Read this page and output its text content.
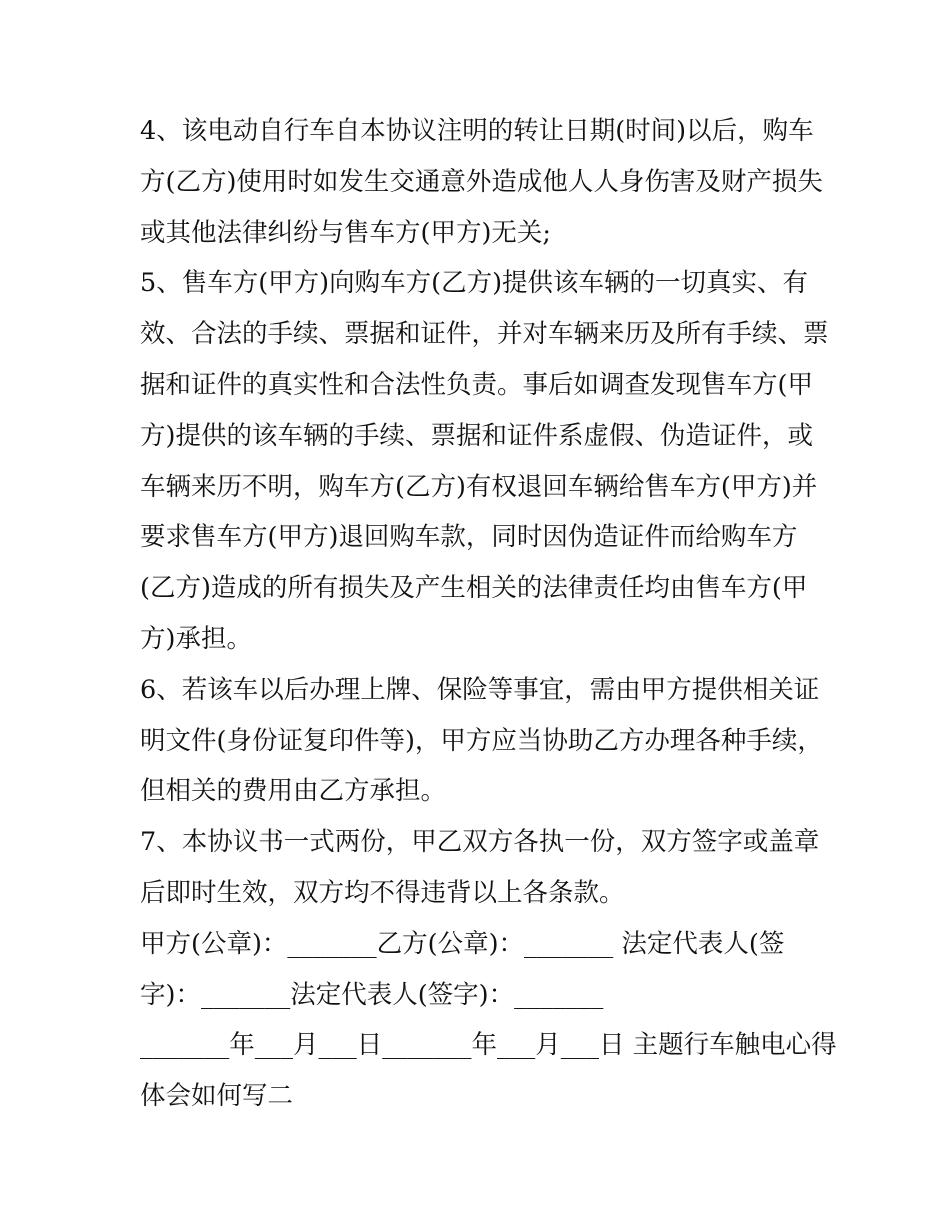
4、该电动自行车自本协议注明的转让日期(时间)以后，购车
方(乙方)使用时如发生交通意外造成他人人身伤害及财产损失
或其他法律纠纷与售车方(甲方)无关;
5、售车方(甲方)向购车方(乙方)提供该车辆的一切真实、有
效、合法的手续、票据和证件，并对车辆来历及所有手续、票
据和证件的真实性和合法性负责。事后如调查发现售车方(甲
方)提供的该车辆的手续、票据和证件系虚假、伪造证件，或
车辆来历不明，购车方(乙方)有权退回车辆给售车方(甲方)并
要求售车方(甲方)退回购车款，同时因伪造证件而给购车方
(乙方)造成的所有损失及产生相关的法律责任均由售车方(甲
方)承担。
6、若该车以后办理上牌、保险等事宜，需由甲方提供相关证
明文件(身份证复印件等)，甲方应当协助乙方办理各种手续，
但相关的费用由乙方承担。
7、本协议书一式两份，甲乙双方各执一份，双方签字或盖章
后即时生效，双方均不得违背以上各条款。
甲方(公章)：_______乙方(公章)：_______ 法定代表人(签
字)：_______法定代表人(签字)：_______
_______年___月___日_______年___月___日 主题行车触电心得
体会如何写二
